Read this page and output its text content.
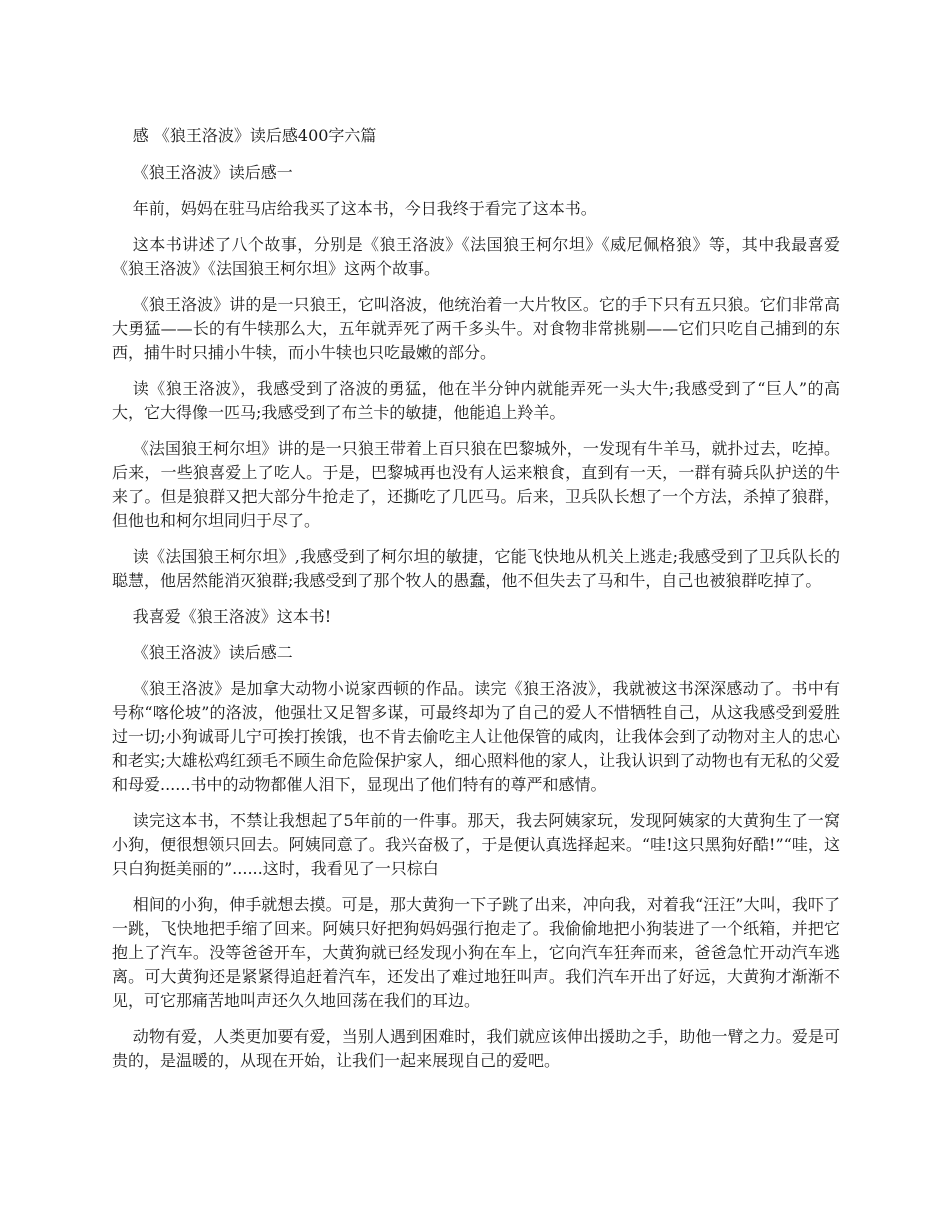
感 《狼王洛波》读后感400字六篇

《狼王洛波》读后感一

年前，妈妈在驻马店给我买了这本书，今日我终于看完了这本书。

这本书讲述了八个故事，分别是《狼王洛波》《法国狼王柯尔坦》《威尼佩格狼》等，其中我最喜爱《狼王洛波》《法国狼王柯尔坦》这两个故事。

《狼王洛波》讲的是一只狼王，它叫洛波，他统治着一大片牧区。它的手下只有五只狼。它们非常高大勇猛——长的有牛犊那么大，五年就弄死了两千多头牛。对食物非常挑剔——它们只吃自己捕到的东西，捕牛时只捕小牛犊，而小牛犊也只吃最嫩的部分。

读《狼王洛波》，我感受到了洛波的勇猛，他在半分钟内就能弄死一头大牛;我感受到了“巨人”的高大，它大得像一匹马;我感受到了布兰卡的敏捷，他能追上羚羊。

《法国狼王柯尔坦》讲的是一只狼王带着上百只狼在巴黎城外，一发现有牛羊马，就扑过去，吃掉。后来，一些狼喜爱上了吃人。于是，巴黎城再也没有人运来粮食，直到有一天，一群有骑兵队护送的牛来了。但是狼群又把大部分牛抢走了，还撕吃了几匹马。后来，卫兵队长想了一个方法，杀掉了狼群，但他也和柯尔坦同归于尽了。

读《法国狼王柯尔坦》,我感受到了柯尔坦的敏捷，它能飞快地从机关上逃走;我感受到了卫兵队长的聪慧，他居然能消灭狼群;我感受到了那个牧人的愚蠢，他不但失去了马和牛，自己也被狼群吃掉了。

我喜爱《狼王洛波》这本书!

《狼王洛波》读后感二

《狼王洛波》是加拿大动物小说家西顿的作品。读完《狼王洛波》，我就被这书深深感动了。书中有号称“喀伦坡”的洛波，他强壮又足智多谋，可最终却为了自己的爱人不惜牺牲自己，从这我感受到爱胜过一切;小狗诚哥儿宁可挨打挨饿，也不肯去偷吃主人让他保管的咸肉，让我体会到了动物对主人的忠心和老实;大雄松鸡红颈毛不顾生命危险保护家人，细心照料他的家人，让我认识到了动物也有无私的父爱和母爱......书中的动物都催人泪下，显现出了他们特有的尊严和感情。

读完这本书，不禁让我想起了5年前的一件事。那天，我去阿姨家玩，发现阿姨家的大黄狗生了一窝小狗，便很想领只回去。阿姨同意了。我兴奋极了，于是便认真选择起来。“哇!这只黑狗好酷!”“哇，这只白狗挺美丽的”......这时，我看见了一只棕白

相间的小狗，伸手就想去摸。可是，那大黄狗一下子跳了出来，冲向我，对着我“汪汪”大叫，我吓了一跳，飞快地把手缩了回来。阿姨只好把狗妈妈强行抱走了。我偷偷地把小狗装进了一个纸箱，并把它抱上了汽车。没等爸爸开车，大黄狗就已经发现小狗在车上，它向汽车狂奔而来，爸爸急忙开动汽车逃离。可大黄狗还是紧紧得追赶着汽车，还发出了难过地狂叫声。我们汽车开出了好远，大黄狗才渐渐不见，可它那痛苦地叫声还久久地回荡在我们的耳边。

动物有爱，人类更加要有爱，当别人遇到困难时，我们就应该伸出援助之手，助他一臂之力。爱是可贵的，是温暖的，从现在开始，让我们一起来展现自己的爱吧。
